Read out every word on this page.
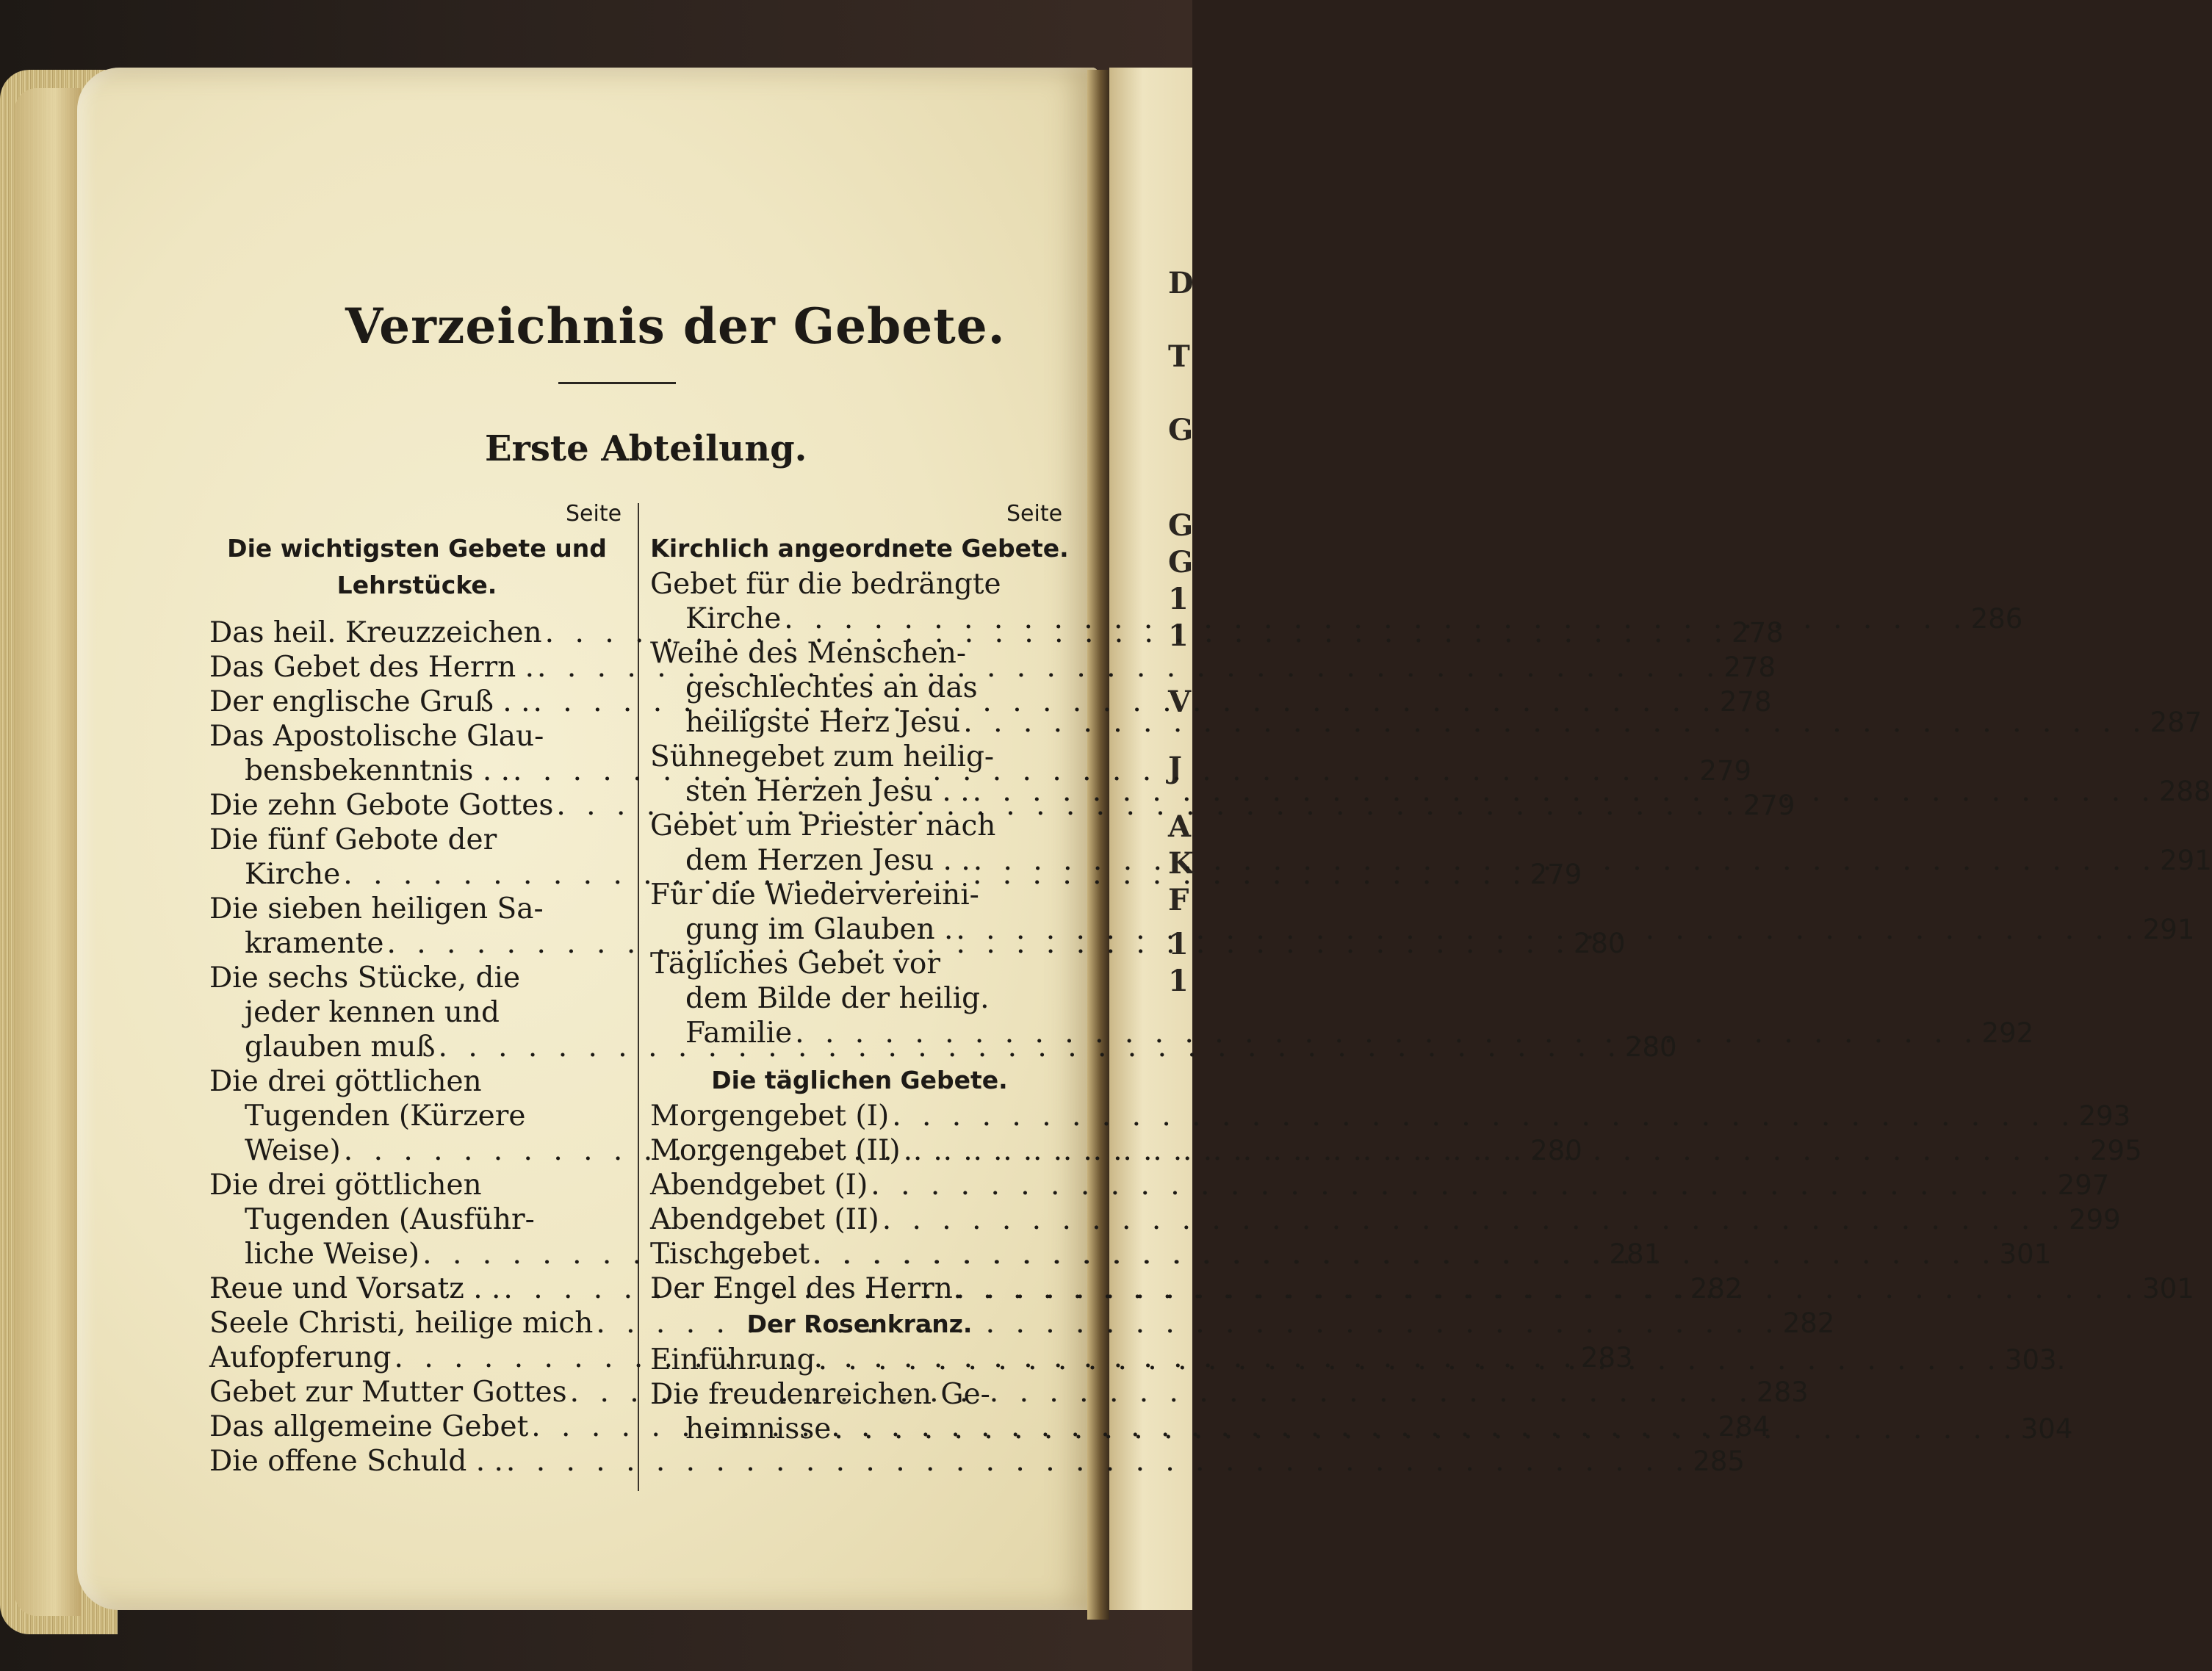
D
T
G
G
G
1
1
V
J
A
K
F
1
1
Verzeichnis der Gebete.
Erste Abteilung.
Seite	Seite
Die wichtigsten Gebete und
Lehrstücke.
Das heil. Kreuzzeichen . . .	278
Das Gebet des Herrn . . . .	278
Der englische Gruß . . . . .	278
Das Apostolische Glau-
bensbekenntnis . . . . .	279
Die zehn Gebote Gottes . . .	279
Die fünf Gebote der
Kirche . . .	279
Die sieben heiligen Sa-
kramente . . .	280
Die sechs Stücke, die
jeder kennen und
glauben muß . . .	280
Die drei göttlichen
Tugenden (Kürzere
Weise) . . .	280
Die drei göttlichen
Tugenden (Ausführ-
liche Weise) . . .	281
Reue und Vorsatz . . . . .	282
Seele Christi, heilige mich . . .	282
Aufopferung . . .	283
Gebet zur Mutter Gottes . . .	283
Das allgemeine Gebet . . .	284
Die offene Schuld . . . . .	285
Kirchlich angeordnete Gebete.
Gebet für die bedrängte
Kirche . . .	286
Weihe des Menschen-
geschlechtes an das
heiligste Herz Jesu . . .	287
Sühnegebet zum heilig-
sten Herzen Jesu . . . . .	288
Gebet um Priester nach
dem Herzen Jesu . . . . .	291
Für die Wiedervereini-
gung im Glauben . . . .	291
Tägliches Gebet vor
dem Bilde der heilig.
Familie . . .	292
Die täglichen Gebete.
Morgengebet (I) . . .	293
Morgengebet (II) . . .	295
Abendgebet (I) . . .	297
Abendgebet (II) . . .	299
Tischgebet . . .	301
Der Engel des Herrn . . .	301
Der Rosenkranz.
Einführung . . .	303.
Die freudenreichen Ge-
heimnisse . . .	304
